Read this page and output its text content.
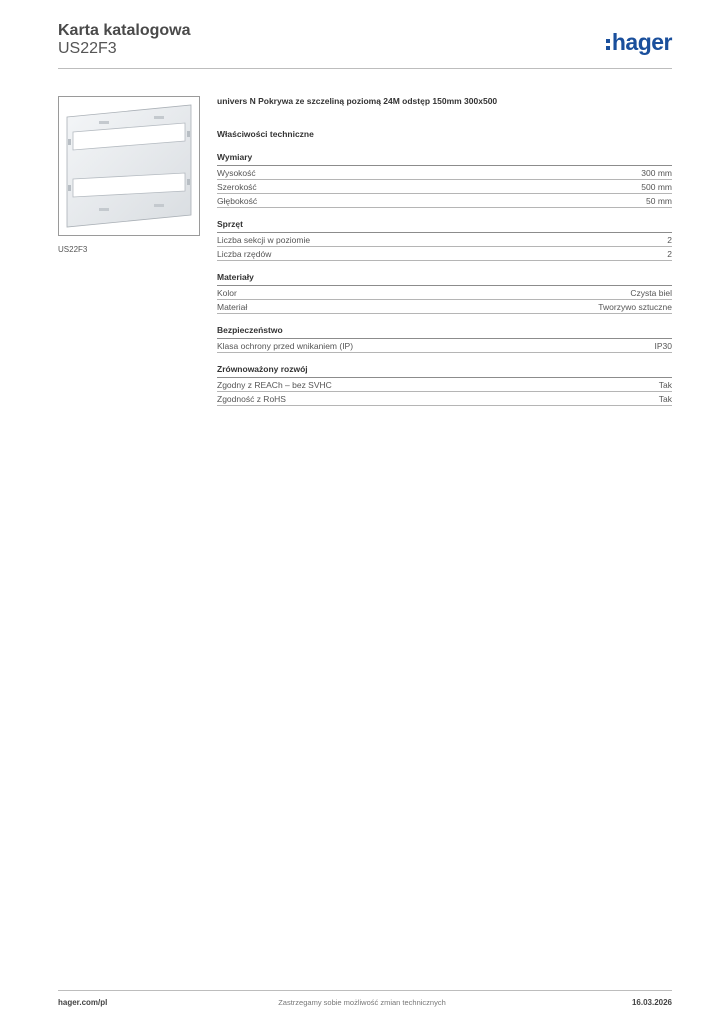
Karta katalogowa
US22F3	hager
US22F3
univers N Pokrywa ze szczeliną poziomą 24M odstęp 150mm 300x500
Właściwości techniczne
Wymiary
Wysokość	300 mm
Szerokość	500 mm
Głębokość	50 mm
Sprzęt
Liczba sekcji w poziomie	2
Liczba rzędów	2
Materiały
Kolor	Czysta biel
Materiał	Tworzywo sztuczne
Bezpieczeństwo
Klasa ochrony przed wnikaniem (IP)	IP30
Zrównoważony rozwój
Zgodny z REACh – bez SVHC	Tak
Zgodność z RoHS	Tak
hager.com/pl	Zastrzegamy sobie możliwość zmian technicznych	16.03.2026
